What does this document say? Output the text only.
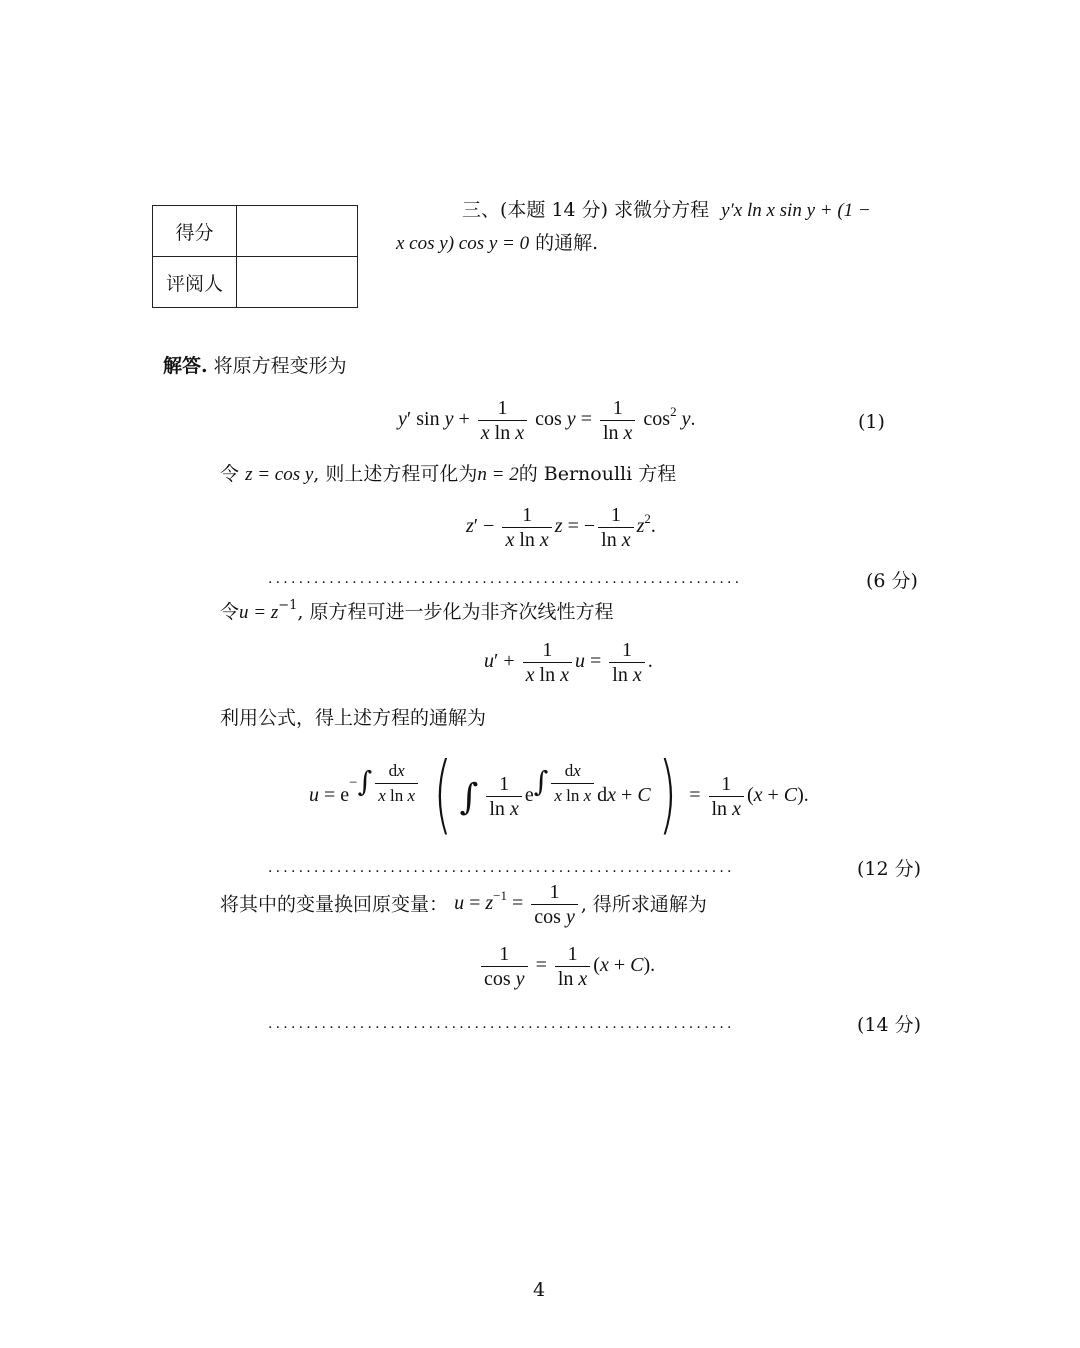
得分	
评阅人	
三、(本题 14 分) 求微分方程 y′x ln x sin y + (1 −
x cos y) cos y = 0 的通解.
解答. 将原方程变形为
y′ $\sin y + \frac{1}{\text{x ln x}}$ $\cos y = \frac{1}{\text{ln x}} \cos^2 y$.	(1)
令 z = cos y, 则上述方程可化为n = 2的 Bernoulli 方程
$z' - \frac{1}{\text{x ln x}}$ z = − $\frac{1}{\text{ln x}} z^2$.
..............................................................	(6 分)
令$u = z^{-1}$, 原方程可进一步化为非齐次线性方程
$u' + \frac{1}{\text{x ln x}}$ $u = \frac{1}{\text{ln x}}$ .
利用公式，得上述方程的通解为
$u = e-\int \frac{dx}{\text{x ln x}}$ ( ∫ $\frac{1}{\text{ln x}} e\int \frac{dx}{\text{x ln x}}$ dx + $C) = \frac{1}{\text{ln x}} (x + C)$.
.............................................................	(12 分)
将其中的变量换回原变量： $u = z^{-1} = \frac{1}{\text{cos y}}$ , 得所求通解为
$\frac{1}{\text{cos y}} = \frac{1}{\text{ln x}} (x + C)$.
.............................................................	(14 分)
4
